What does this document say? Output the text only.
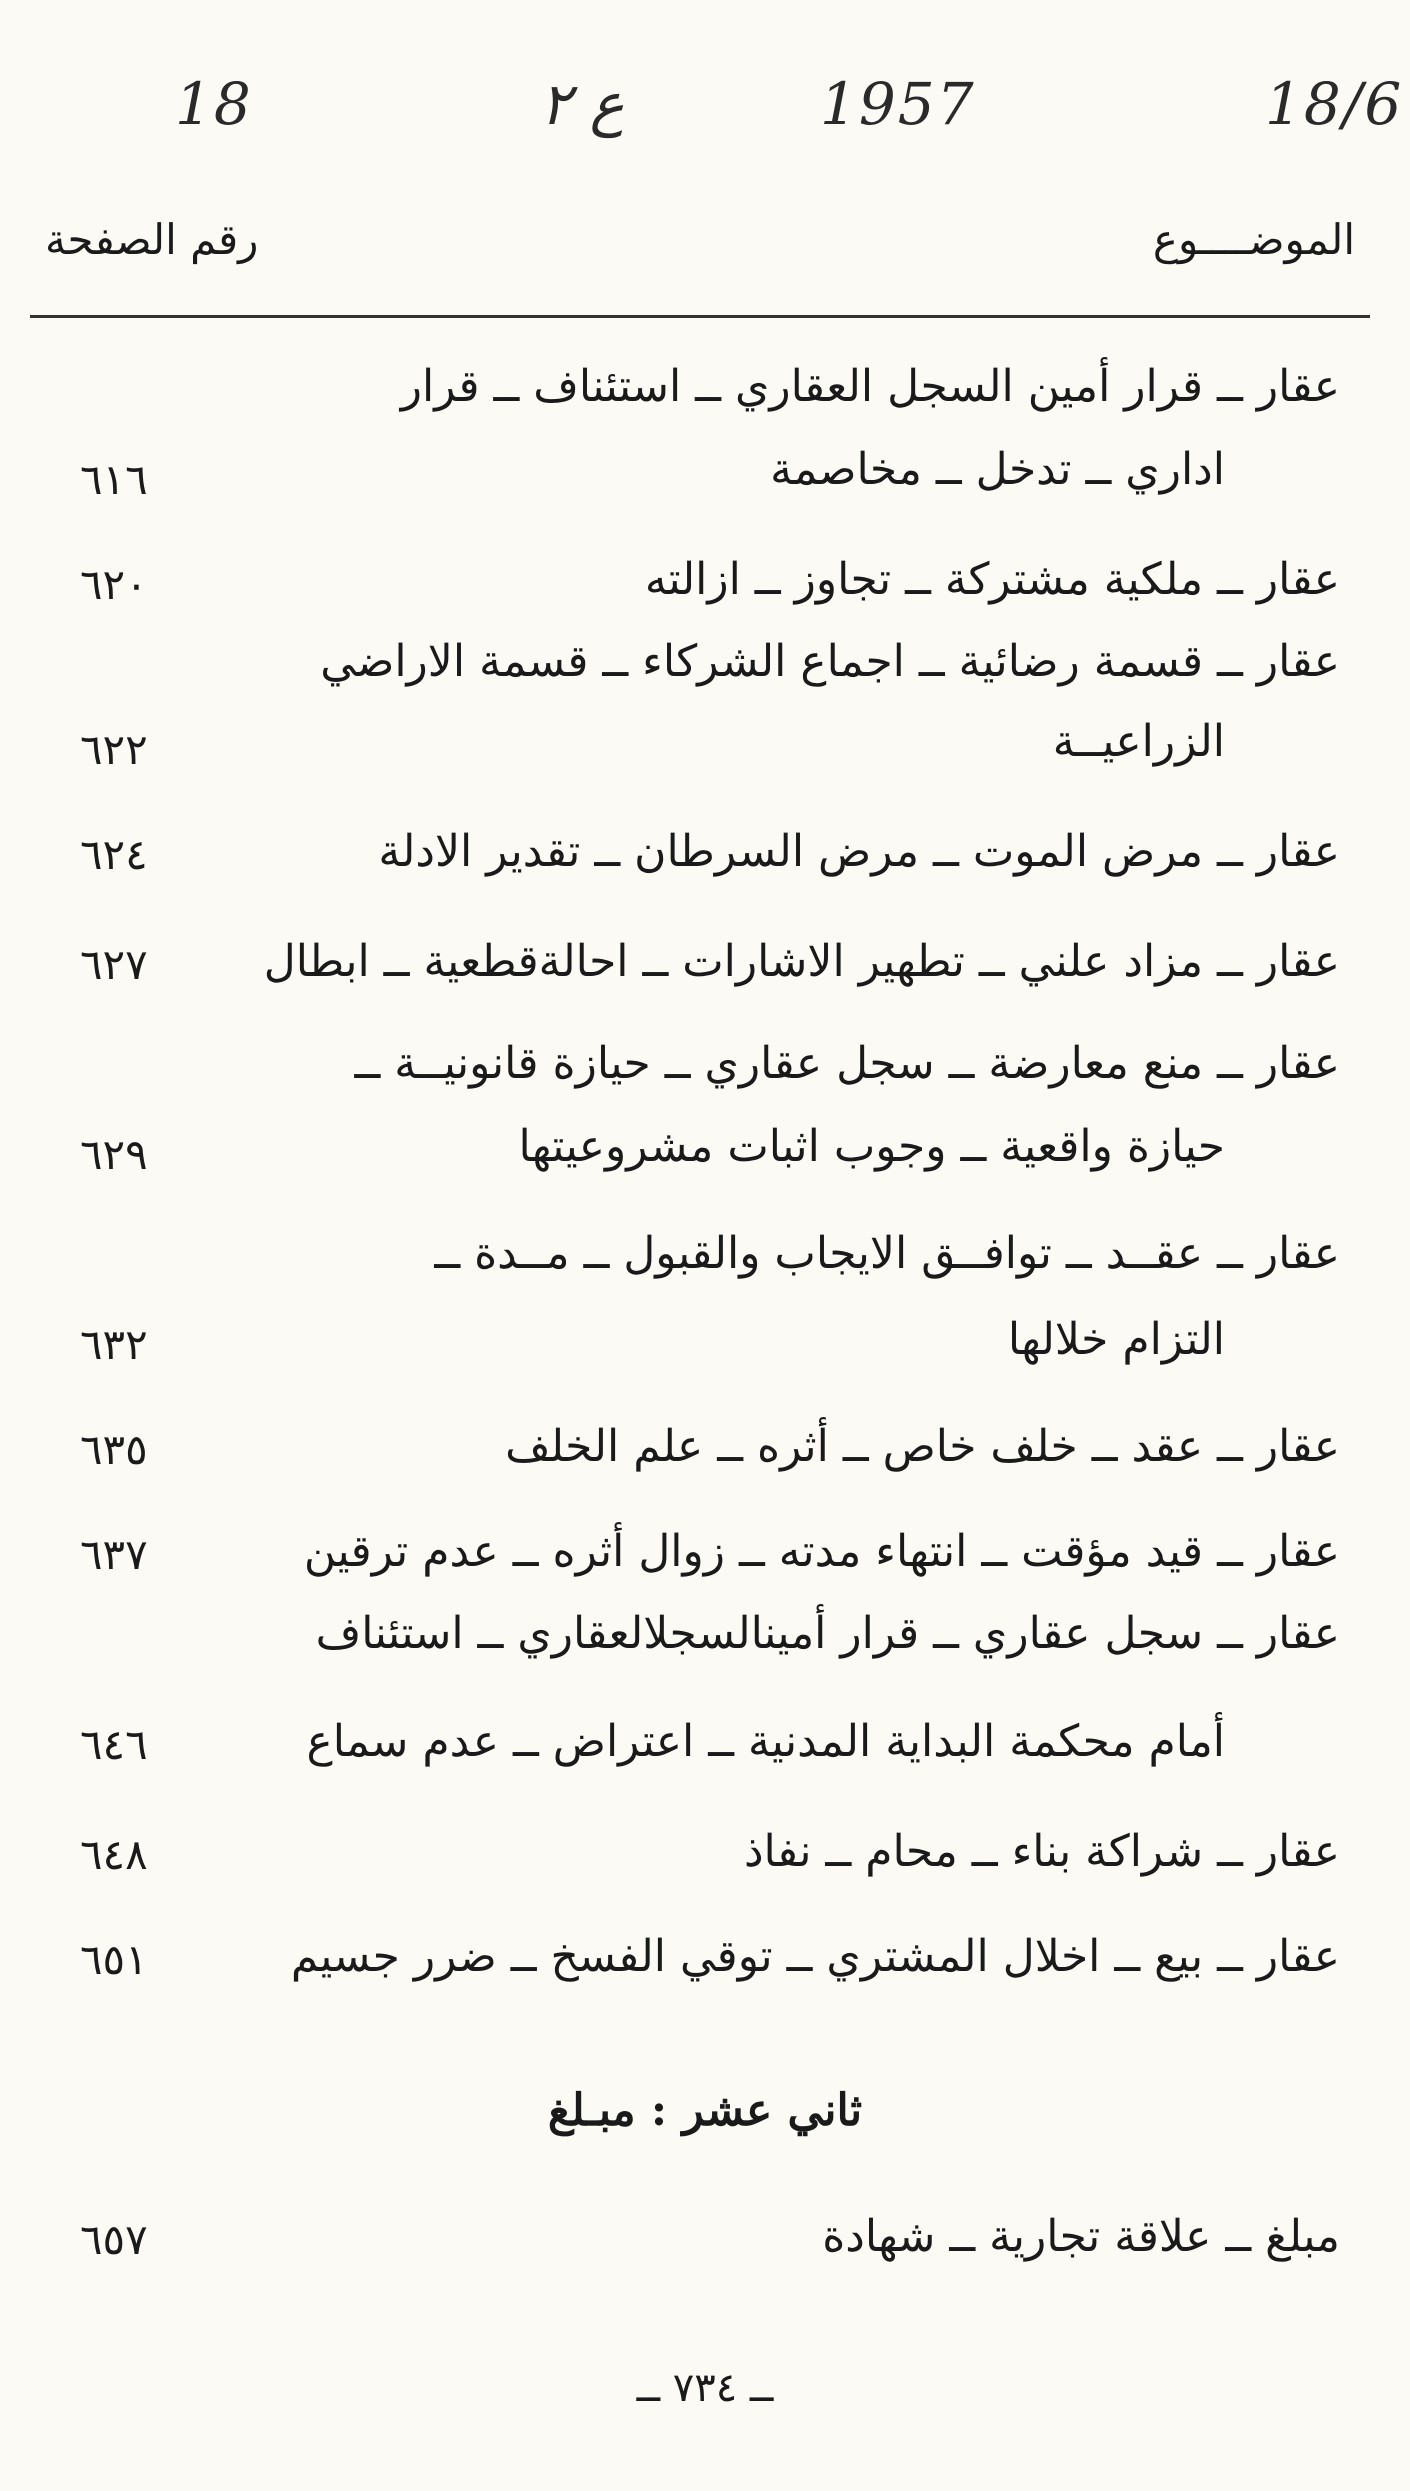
18/6
1957
ع ٢
18
الموضــــوع
رقم الصفحة
عقار ــ قرار أمين السجل العقاري ــ استئناف ــ قرار
اداري ــ تدخل ــ مخاصمة
٦١٦
عقار ــ ملكية مشتركة ــ تجاوز ــ ازالته
٦٢٠
عقار ــ قسمة رضائية ــ اجماع الشركاء ــ قسمة الاراضي
الزراعيــة
٦٢٢
عقار ــ مرض الموت ــ مرض السرطان ــ تقدير الادلة
٦٢٤
عقار ــ مزاد علني ــ تطهير الاشارات ــ احالةقطعية ــ ابطال
٦٢٧
عقار ــ منع معارضة ــ سجل عقاري ــ حيازة قانونيــة ــ
حيازة واقعية ــ وجوب اثبات مشروعيتها
٦٢٩
عقار ــ عقــد ــ توافــق الايجاب والقبول ــ مــدة ــ
التزام خلالها
٦٣٢
عقار ــ عقد ــ خلف خاص ــ أثره ــ علم الخلف
٦٣٥
عقار ــ قيد مؤقت ــ انتهاء مدته ــ زوال أثره ــ عدم ترقين
٦٣٧
عقار ــ سجل عقاري ــ قرار أمينالسجلالعقاري ــ استئناف
أمام محكمة البداية المدنية ــ اعتراض ــ عدم سماع
٦٤٦
عقار ــ شراكة بناء ــ محام ــ نفاذ
٦٤٨
عقار ــ بيع ــ اخلال المشتري ــ توقي الفسخ ــ ضرر جسيم
٦٥١
ثاني عشر : مبـلغ
مبلغ ــ علاقة تجارية ــ شهادة
٦٥٧
ــ ٧٣٤ ــ
